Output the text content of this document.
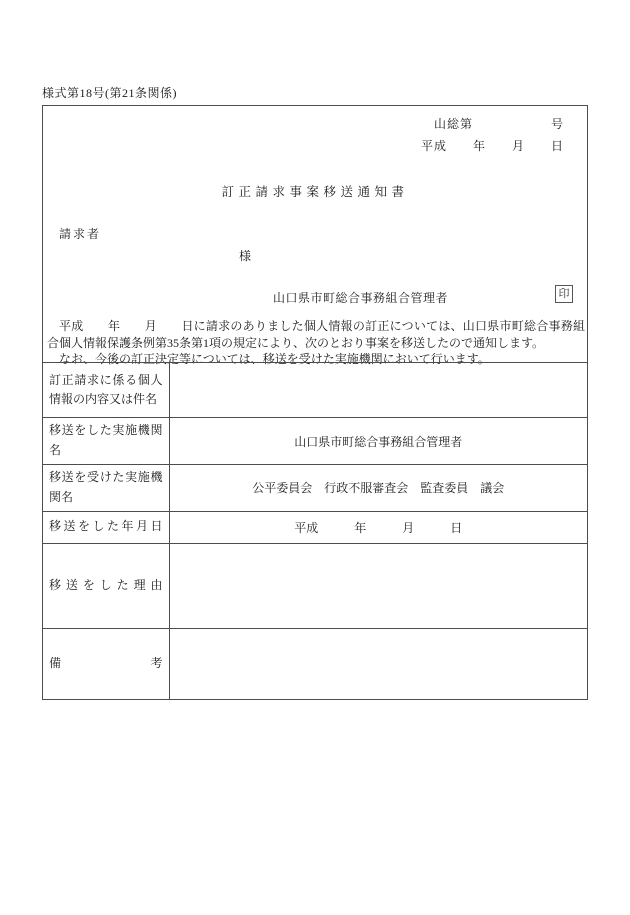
様式第18号(第21条関係)
山総第　　　　　　号
平成　　年　　月　　日
訂正請求事案移送通知書
請求者
様
山口県市町総合事務組合管理者	印

平成　　年　　月　　日に請求のありました個人情報の訂正については、山口県市町総合事務組合個人情報保護条例第35条第1項の規定により、次のとおり事案を移送したので通知します。

なお、今後の訂正決定等については、移送を受けた実施機関において行います。

訂正請求に係る個人情報の内容又は件名	
移送をした実施機関名	山口県市町総合事務組合管理者
移送を受けた実施機関名	公平委員会　行政不服審査会　監査委員　議会
移送をした年月日	平成　　　年　　　月　　　日
移送をした理由	
備考	
